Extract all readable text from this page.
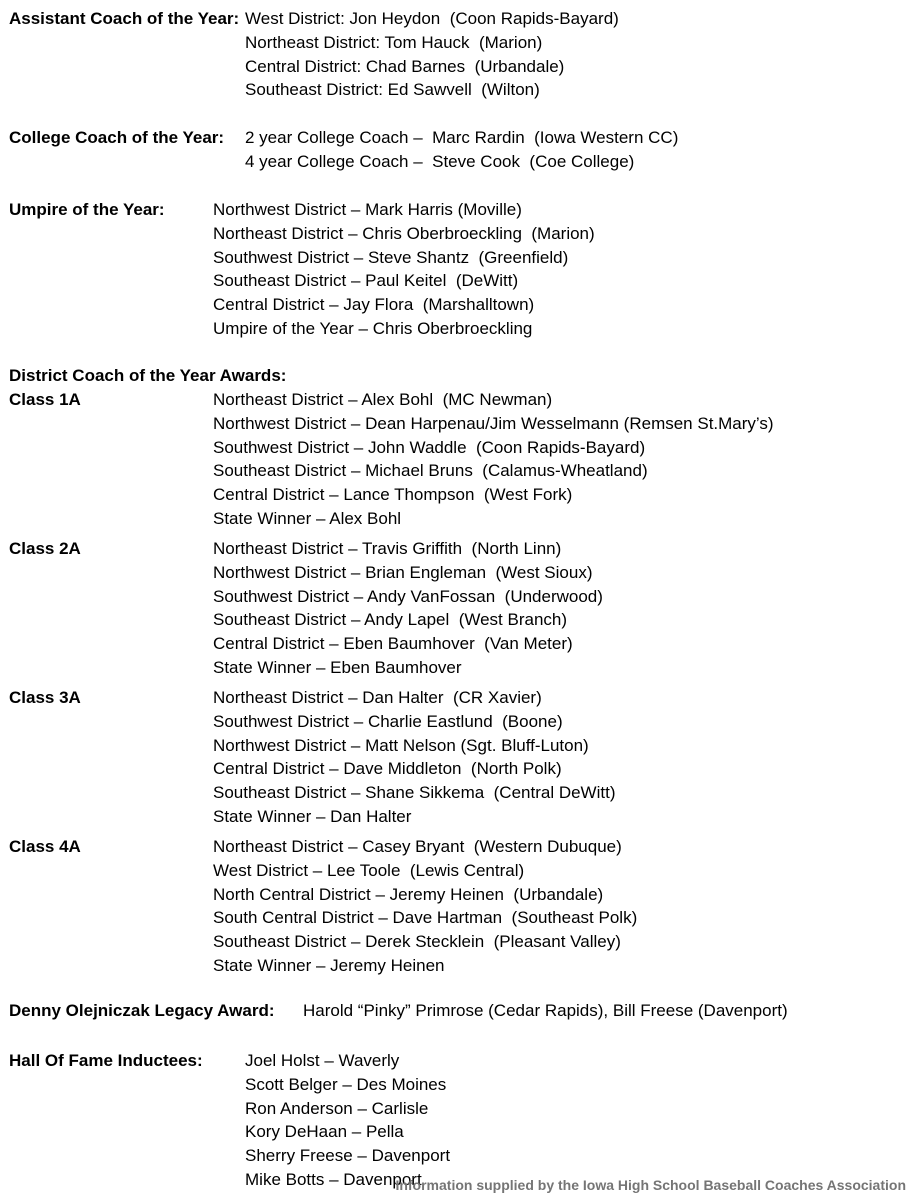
Assistant Coach of the Year: West District: Jon Heydon  (Coon Rapids-Bayard)
Northeast District: Tom Hauck  (Marion)
Central District: Chad Barnes  (Urbandale)
Southeast District: Ed Sawvell  (Wilton)
College Coach of the Year: 2 year College Coach –  Marc Rardin  (Iowa Western CC)
4 year College Coach –  Steve Cook  (Coe College)
Umpire of the Year:	Northwest District – Mark Harris (Moville)
Northeast District – Chris Oberbroeckling  (Marion)
Southwest District – Steve Shantz  (Greenfield)
Southeast District – Paul Keitel  (DeWitt)
Central District – Jay Flora  (Marshalltown)
Umpire of the Year – Chris Oberbroeckling
District Coach of the Year Awards:
Class 1A	Northeast District – Alex Bohl  (MC Newman)
Northwest District – Dean Harpenau/Jim Wesselmann (Remsen St.Mary’s)
Southwest District – John Waddle  (Coon Rapids-Bayard)
Southeast District – Michael Bruns  (Calamus-Wheatland)
Central District – Lance Thompson  (West Fork)
State Winner – Alex Bohl
Class 2A	Northeast District – Travis Griffith  (North Linn)
Northwest District – Brian Engleman  (West Sioux)
Southwest District – Andy VanFossan  (Underwood)
Southeast District – Andy Lapel  (West Branch)
Central District – Eben Baumhover  (Van Meter)
State Winner – Eben Baumhover
Class 3A	Northeast District – Dan Halter  (CR Xavier)
Southwest District – Charlie Eastlund  (Boone)
Northwest District – Matt Nelson (Sgt. Bluff-Luton)
Central District – Dave Middleton  (North Polk)
Southeast District – Shane Sikkema  (Central DeWitt)
State Winner – Dan Halter
Class 4A	Northeast District – Casey Bryant  (Western Dubuque)
West District – Lee Toole  (Lewis Central)
North Central District – Jeremy Heinen  (Urbandale)
South Central District – Dave Hartman  (Southeast Polk)
Southeast District – Derek Stecklein  (Pleasant Valley)
State Winner – Jeremy Heinen
Denny Olejniczak Legacy Award: Harold “Pinky” Primrose (Cedar Rapids), Bill Freese (Davenport)
Hall Of Fame Inductees: Joel Holst – Waverly
Scott Belger – Des Moines
Ron Anderson – Carlisle
Kory DeHaan – Pella
Sherry Freese – Davenport
Mike Botts – Davenport
Information supplied by the Iowa High School Baseball Coaches Association
